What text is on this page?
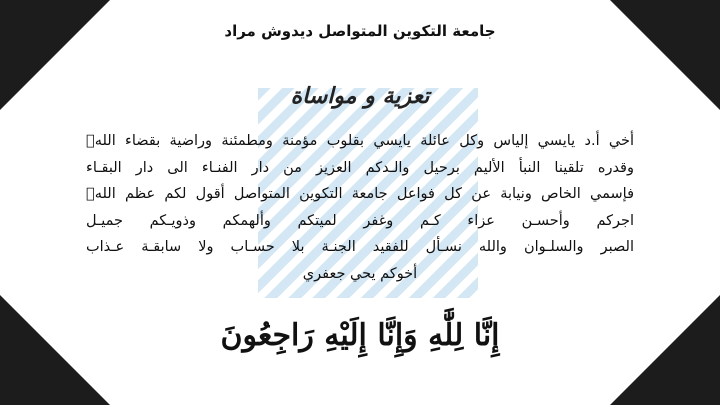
جامعة التكوين المتواصل ديدوش مراد
تعزية و مواساة
أخي أ.د يايسي إلياس وكل عائلة يايسي بقلوب مؤمنة ومطمئنة وراضية بقضاء اللهۛ
وقدره تلقينا النبأ الأليم برحيل والـدكم العزيز من دار الفنـاء الى دار البقـاء
فإسمي الخاص ونيابة عن كل فواعل جامعة التكوين المتواصل أقول لكم عظم اللهۛ
اجركم وأحسـن عزاء كـم وغفر لميتكم وألهمكم وذويـكم جميـل
الصبر والسلـوان والله نسـأل للفقيد الجنـة بلا حسـاب ولا سابقـة عـذاب
أخوكم يحي جعفري
إِنَّا لِلَّٰهِ وَإِنَّا إِلَيْهِ رَاجِعُونَ
